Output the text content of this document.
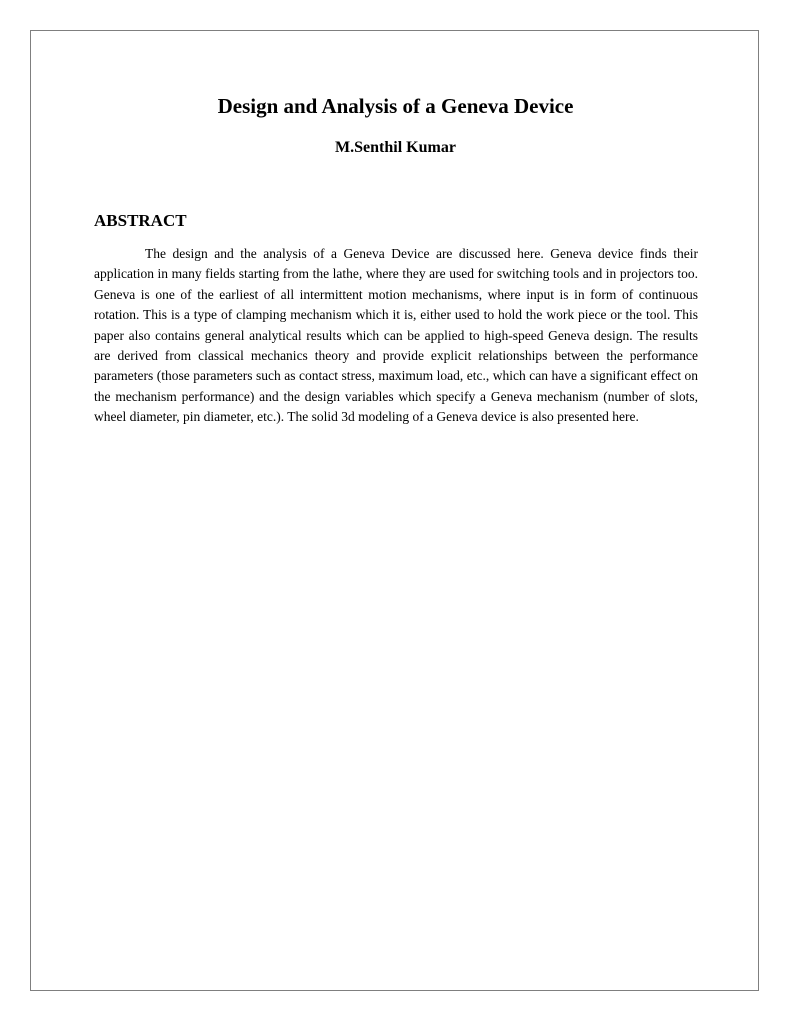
Design and Analysis of a Geneva Device
M.Senthil Kumar
ABSTRACT

The design and the analysis of a Geneva Device are discussed here. Geneva device finds their application in many fields starting from the lathe, where they are used for switching tools and in projectors too. Geneva is one of the earliest of all intermittent motion mechanisms, where input is in form of continuous rotation. This is a type of clamping mechanism which it is, either used to hold the work piece or the tool. This paper also contains general analytical results which can be applied to high-speed Geneva design. The results are derived from classical mechanics theory and provide explicit relationships between the performance parameters (those parameters such as contact stress, maximum load, etc., which can have a significant effect on the mechanism performance) and the design variables which specify a Geneva mechanism (number of slots, wheel diameter, pin diameter, etc.). The solid 3d modeling of a Geneva device is also presented here.
